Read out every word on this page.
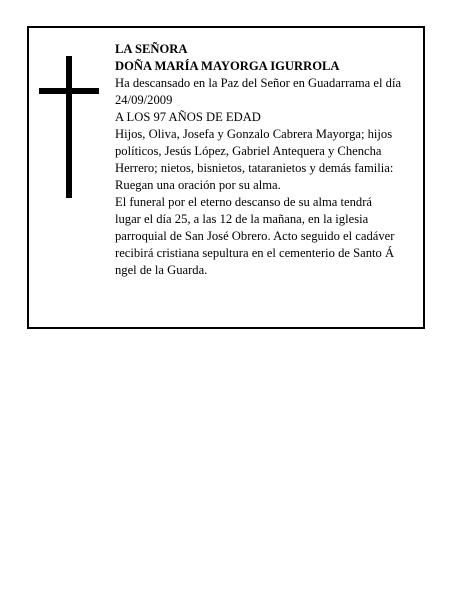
LA SEÑORA

DOÑA MARÍA MAYORGA IGURROLA

Ha descansado en la Paz del Señor en Guadarrama el día 24/09/2009

A LOS 97 AÑOS DE EDAD

Hijos, Oliva, Josefa y Gonzalo Cabrera Mayorga; hijos políticos, Jesús López, Gabriel Antequera y Chencha Herrero; nietos, bisnietos, tataranietos y demás familia:

Ruegan una oración por su alma.

El funeral por el eterno descanso de su alma tendrá

lugar el día 25, a las 12 de la mañana, en la iglesia

parroquial de San José Obrero. Acto seguido el cadáver

recibirá cristiana sepultura en el cementerio de Santo Á

ngel de la Guarda.
